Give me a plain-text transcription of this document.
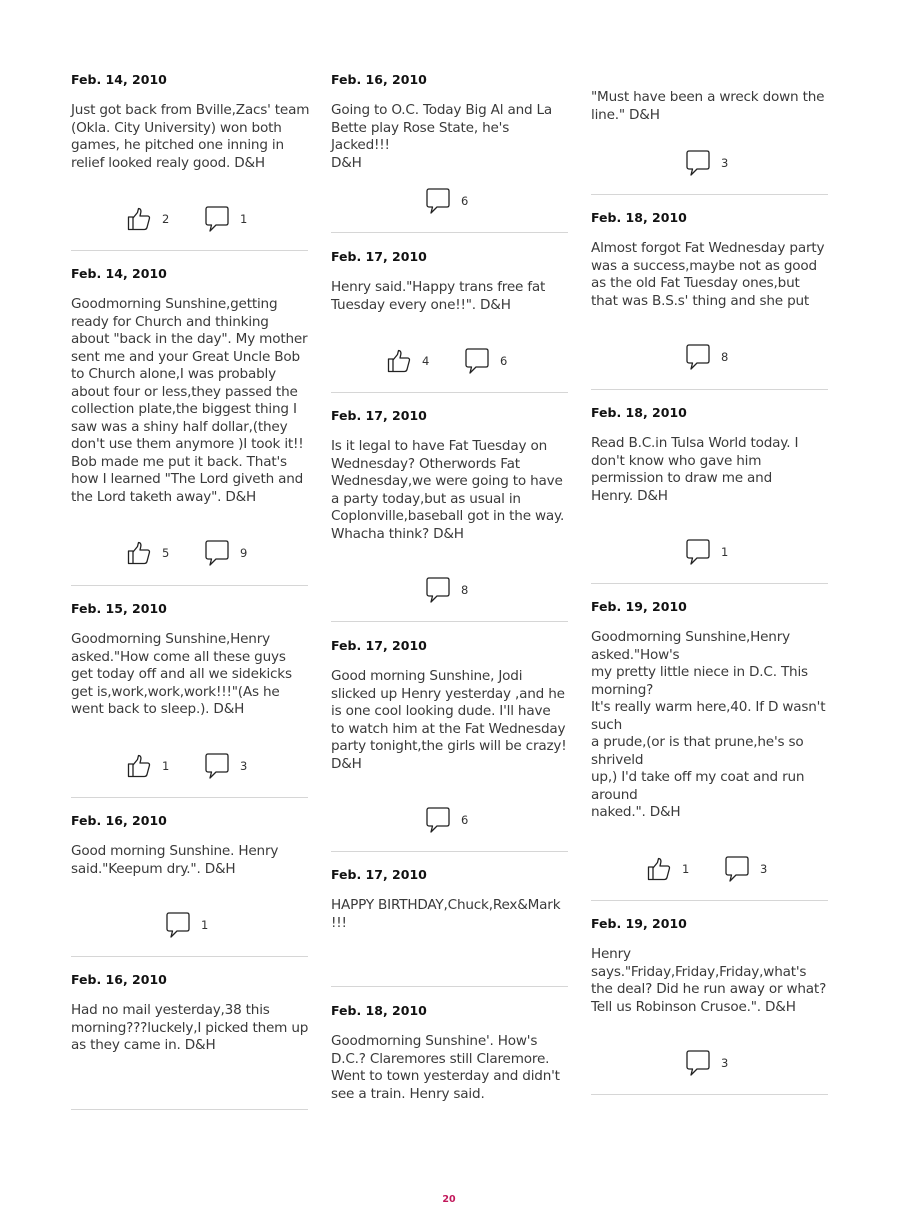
Feb. 14, 2010
Just got back from Bville,Zacs' team
(Okla. City University) won both
games, he pitched one inning in
relief looked realy good. D&H
2	1
Feb. 14, 2010
Goodmorning Sunshine,getting
ready for Church and thinking
about "back in the day". My mother
sent me and your Great Uncle Bob
to Church alone,I was probably
about four or less,they passed the
collection plate,the biggest thing I
saw was a shiny half dollar,(they
don't use them anymore )I took it!!
Bob made me put it back. That's
how I learned "The Lord giveth and
the Lord taketh away". D&H
5	9
Feb. 15, 2010
Goodmorning Sunshine,Henry
asked."How come all these guys
get today off and all we sidekicks
get is,work,work,work!!!"(As he
went back to sleep.). D&H
1	3
Feb. 16, 2010
Good morning Sunshine. Henry
said."Keepum dry.". D&H
1
Feb. 16, 2010
Had no mail yesterday,38 this
morning???luckely,I picked them up
as they came in. D&H
Feb. 16, 2010
Going to O.C. Today Big Al and La
Bette play Rose State, he's Jacked!!!
D&H
6
Feb. 17, 2010
Henry said."Happy trans free fat
Tuesday every one!!". D&H
4	6
Feb. 17, 2010
Is it legal to have Fat Tuesday on
Wednesday? Otherwords Fat
Wednesday,we were going to have
a party today,but as usual in
Coplonville,baseball got in the way.
Whacha think? D&H
8
Feb. 17, 2010
Good morning Sunshine, Jodi
slicked up Henry yesterday ,and he
is one cool looking dude. I'll have
to watch him at the Fat Wednesday
party tonight,the girls will be crazy!
D&H
6
Feb. 17, 2010
HAPPY BIRTHDAY,Chuck,Rex&Mark
!!!
Feb. 18, 2010
Goodmorning Sunshine'. How's
D.C.? Claremores still Claremore.
Went to town yesterday and didn't
see a train. Henry said.
"Must have been a wreck down the
line." D&H
3
Feb. 18, 2010
Almost forgot Fat Wednesday party
was a success,maybe not as good
as the old Fat Tuesday ones,but
that was B.S.s' thing and she put
8
Feb. 18, 2010
Read B.C.in Tulsa World today. I
don't know who gave him
permission to draw me and
Henry. D&H
1
Feb. 19, 2010
Goodmorning Sunshine,Henry
asked."How's
my pretty little niece in D.C. This
morning?
It's really warm here,40. If D wasn't
such
a prude,(or is that prune,he's so
shriveld
up,) I'd take off my coat and run
around
naked.". D&H
1	3
Feb. 19, 2010
Henry
says."Friday,Friday,Friday,what's
the deal? Did he run away or what?
Tell us Robinson Crusoe.". D&H
3
20
